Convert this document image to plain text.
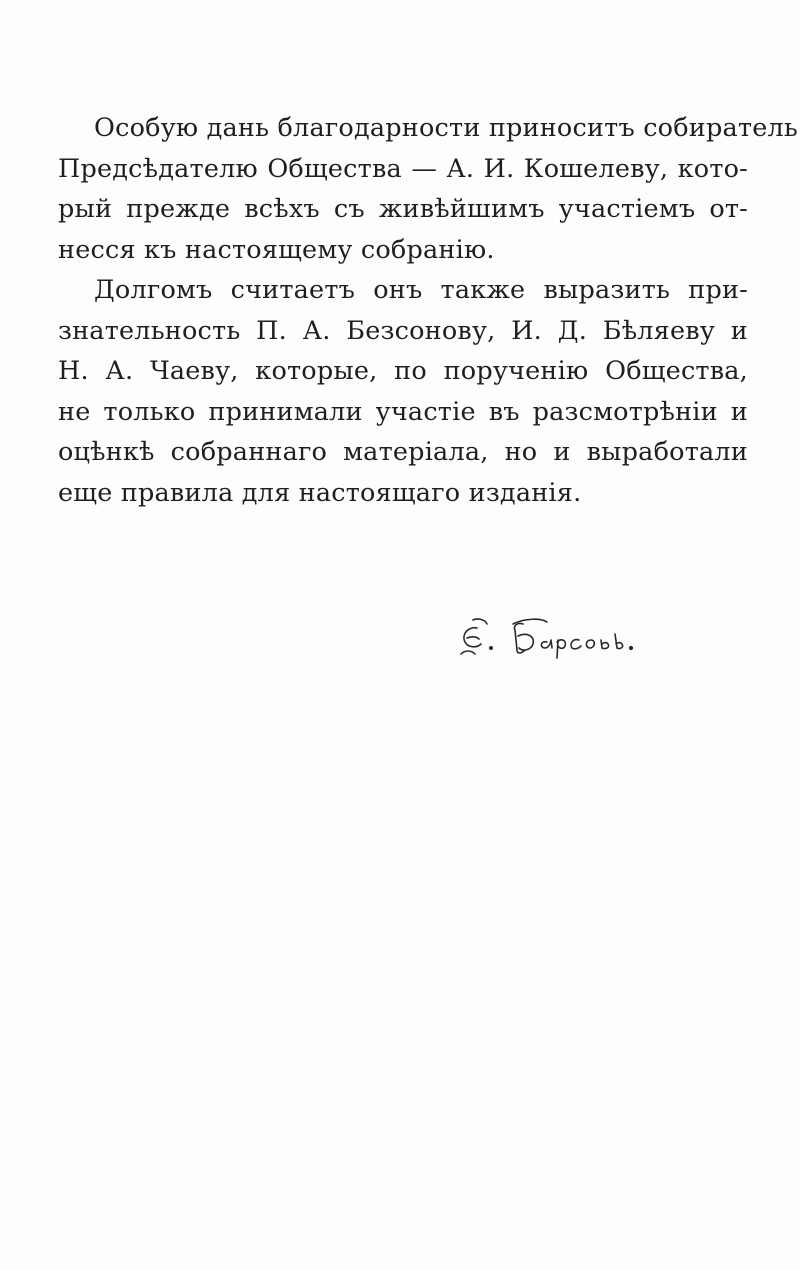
Особую дань благодарности приноситъ собиратель
Предсѣдателю Общества — А. И. Кошелеву, кото-
рый прежде всѣхъ съ живѣйшимъ участіемъ от-
несся къ настоящему собранію.
Долгомъ считаетъ онъ также выразить при-
знательность П. А. Безсонову, И. Д. Бѣляеву и
Н. А. Чаеву, которые, по порученію Общества,
не только принимали участіе въ разсмотрѣніи и
оцѣнкѣ собраннаго матеріала, но и выработали
еще правила для настоящаго изданія.
